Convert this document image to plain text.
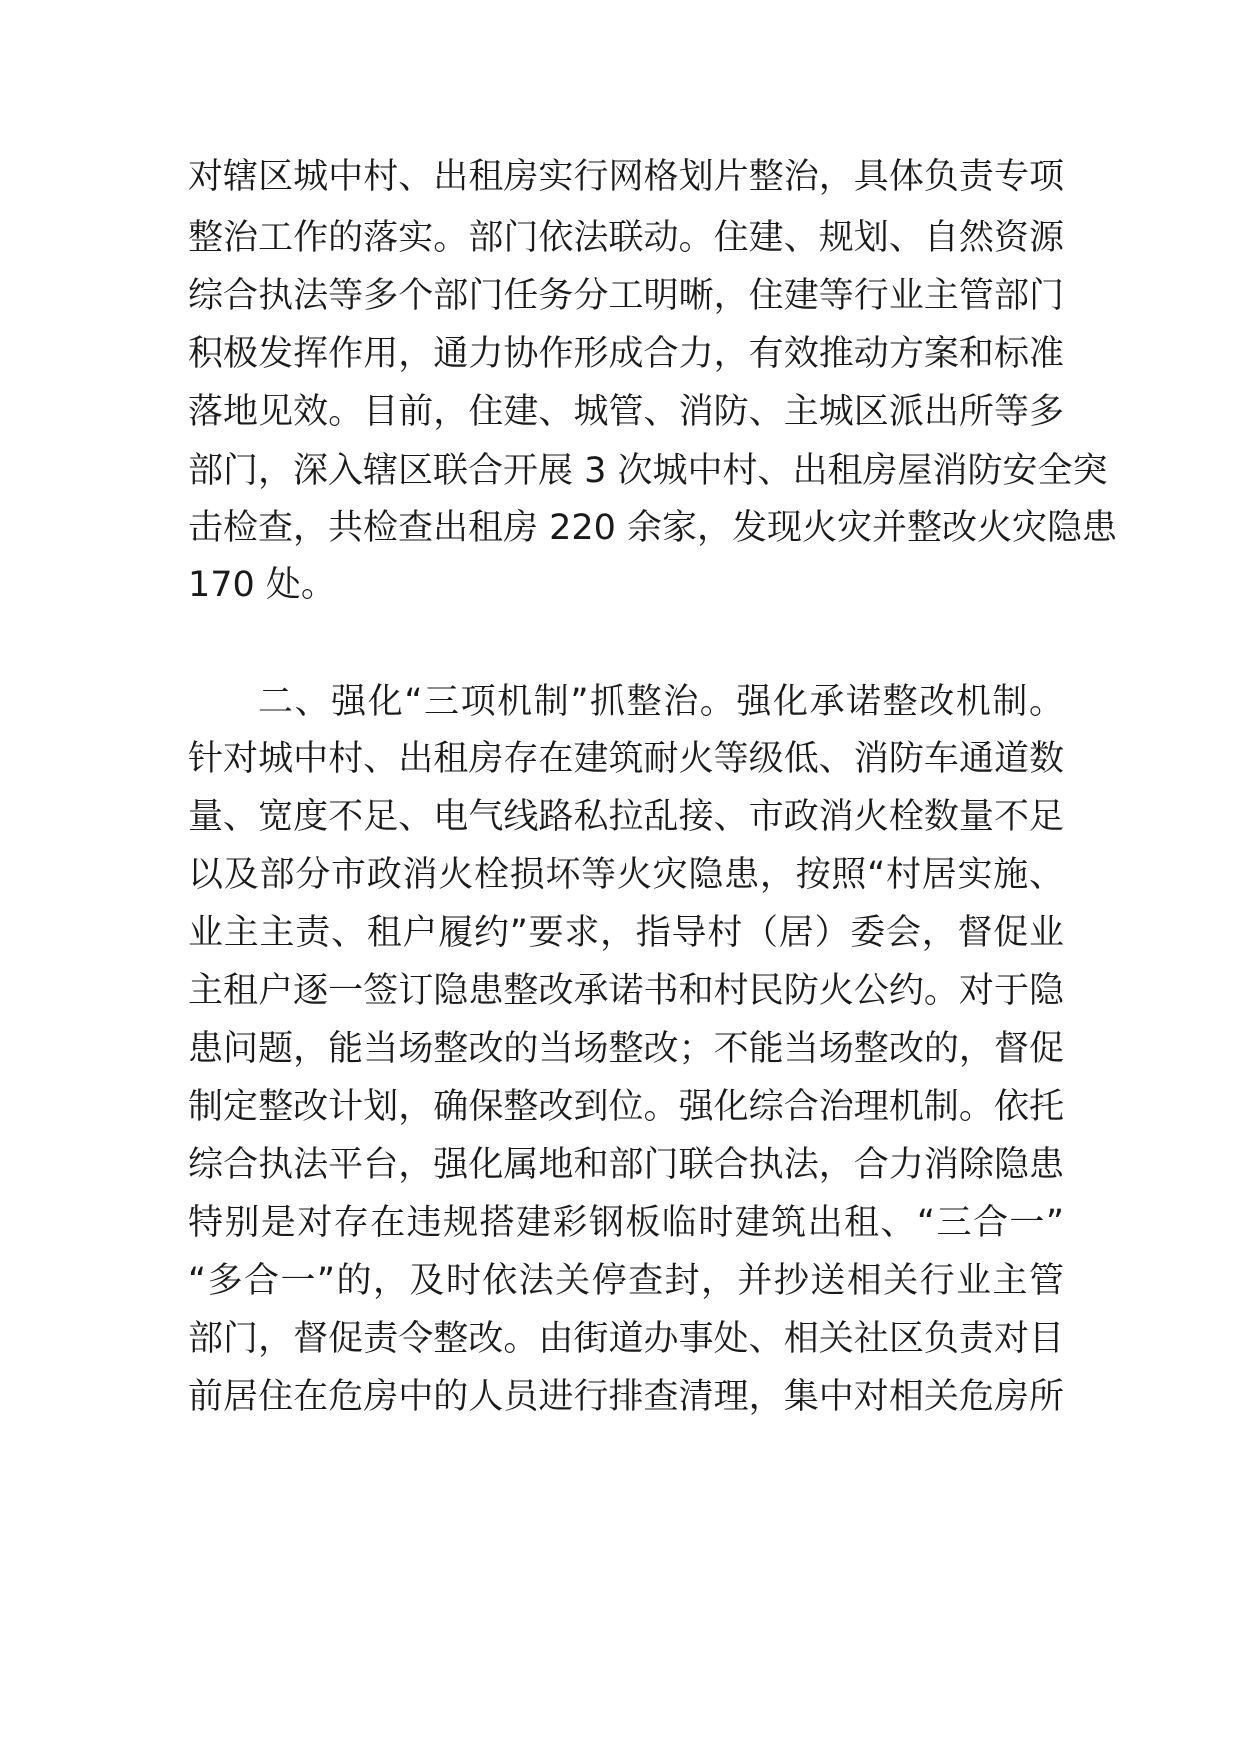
对辖区城中村、出租房实行网格划片整治，具体负责专项
整治工作的落实。部门依法联动。住建、规划、自然资源
综合执法等多个部门任务分工明晰，住建等行业主管部门
积极发挥作用，通力协作形成合力，有效推动方案和标准
落地见效。目前，住建、城管、消防、主城区派出所等多
部门，深入辖区联合开展 3 次城中村、出租房屋消防安全突
击检查，共检查出租房 220 余家，发现火灾并整改火灾隐患
170 处。
二、强化“三项机制”抓整治。强化承诺整改机制。
针对城中村、出租房存在建筑耐火等级低、消防车通道数
量、宽度不足、电气线路私拉乱接、市政消火栓数量不足
以及部分市政消火栓损坏等火灾隐患，按照“村居实施、
业主主责、租户履约”要求，指导村（居）委会，督促业
主租户逐一签订隐患整改承诺书和村民防火公约。对于隐
患问题，能当场整改的当场整改；不能当场整改的，督促
制定整改计划，确保整改到位。强化综合治理机制。依托
综合执法平台，强化属地和部门联合执法，合力消除隐患
特别是对存在违规搭建彩钢板临时建筑出租、“三合一”
“多合一”的，及时依法关停查封，并抄送相关行业主管
部门，督促责令整改。由街道办事处、相关社区负责对目
前居住在危房中的人员进行排查清理，集中对相关危房所
